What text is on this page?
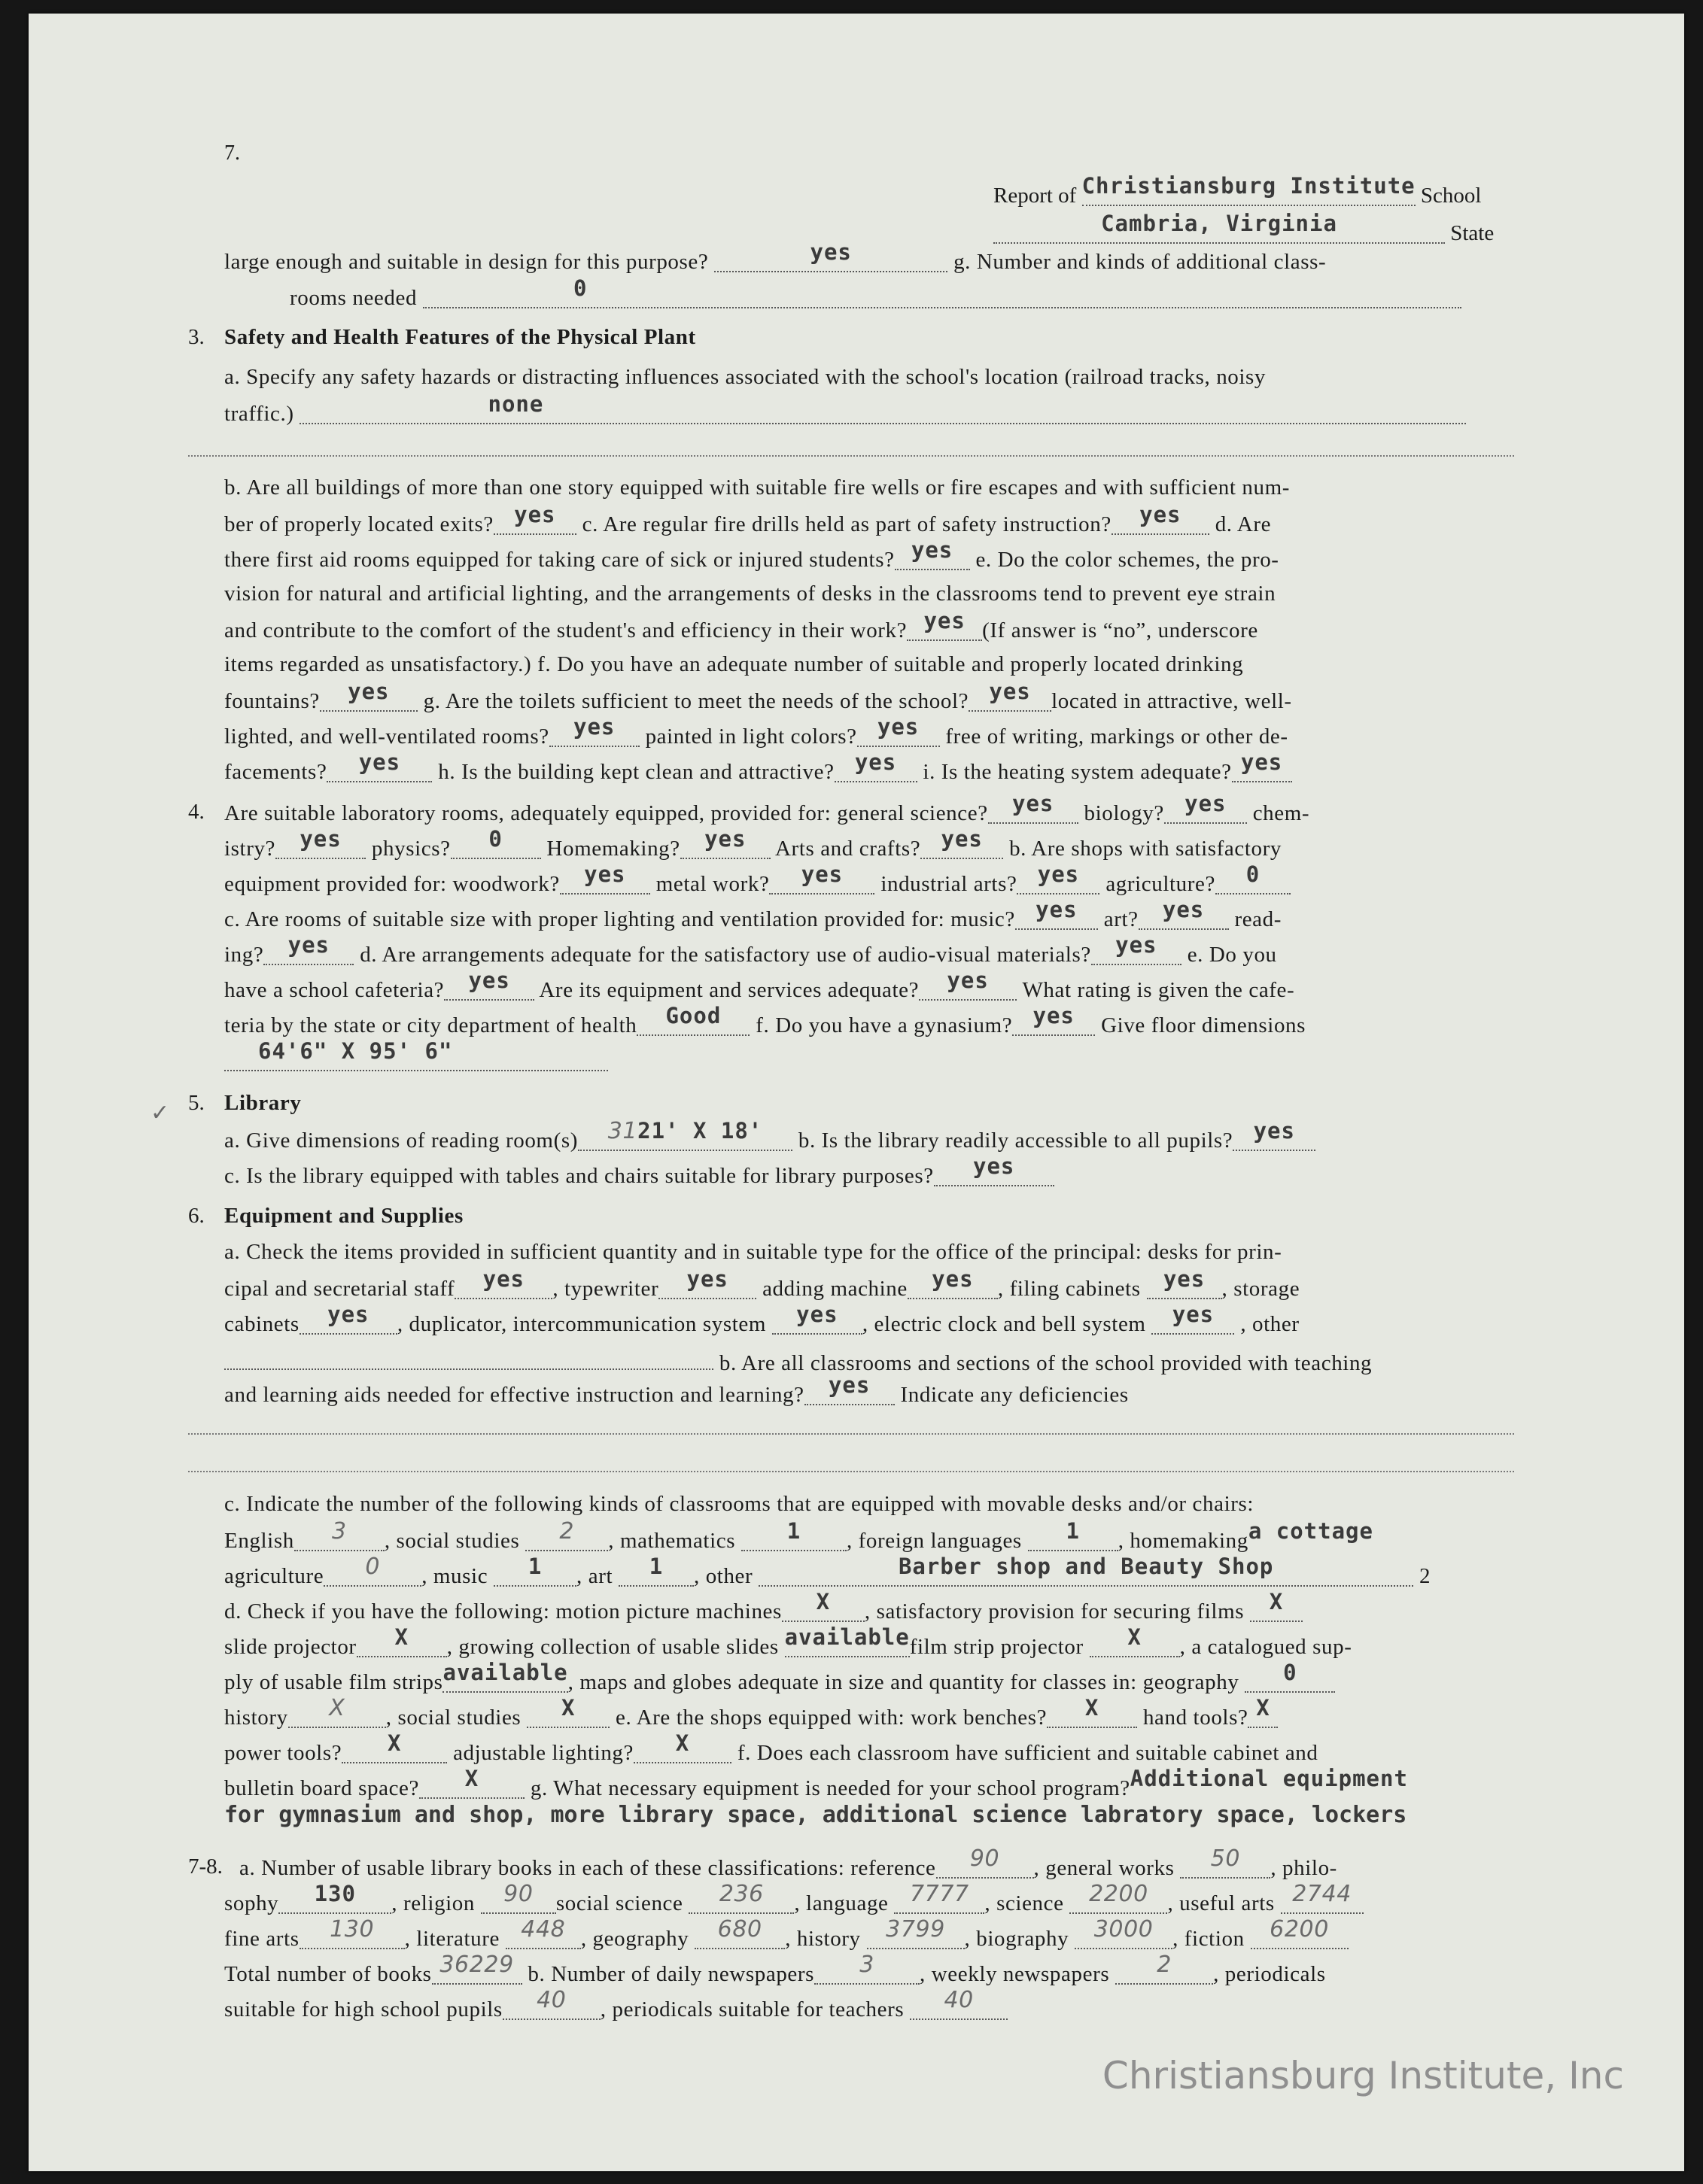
7.
Report of Christiansburg Institute School
Cambria, Virginia	State
large enough and suitable in design for this purpose?	yes	g. Number and kinds of additional class-
rooms needed	0
3. Safety and Health Features of the Physical Plant
a. Specify any safety hazards or distracting influences associated with the school's location (railroad tracks, noisy
traffic.)	none
b. Are all buildings of more than one story equipped with suitable fire wells or fire escapes and with sufficient num-
ber of properly located exits? yes c. Are regular fire drills held as part of safety instruction? yes d. Are
there first aid rooms equipped for taking care of sick or injured students? yes e. Do the color schemes, the pro-
vision for natural and artificial lighting, and the arrangements of desks in the classrooms tend to prevent eye strain
and contribute to the comfort of the student's and efficiency in their work? yes (If answer is “no”, underscore
items regarded as unsatisfactory.) f. Do you have an adequate number of suitable and properly located drinking
fountains? yes g. Are the toilets sufficient to meet the needs of the school? yes located in attractive, well-
lighted, and well-ventilated rooms? yes painted in light colors? yes free of writing, markings or other de-
facements? yes h. Is the building kept clean and attractive? yes i. Is the heating system adequate? yes
4. Are suitable laboratory rooms, adequately equipped, provided for: general science? yes biology? yes chem-
istry? yes physics? 0 Homemaking? yes Arts and crafts? yes b. Are shops with satisfactory
equipment provided for: woodwork? yes metal work? yes industrial arts? yes agriculture? 0
c. Are rooms of suitable size with proper lighting and ventilation provided for: music? yes art? yes read-
ing? yes d. Are arrangements adequate for the satisfactory use of audio-visual materials? yes e. Do you
have a school cafeteria? yes Are its equipment and services adequate? yes What rating is given the cafe-
teria by the state or city department of health Good f. Do you have a gynasium? yes Give floor dimensions
64'6" X 95' 6"
✓ 5. Library
a. Give dimensions of reading room(s) 3121' X 18' b. Is the library readily accessible to all pupils? yes
c. Is the library equipped with tables and chairs suitable for library purposes? yes
6. Equipment and Supplies
a. Check the items provided in sufficient quantity and in suitable type for the office of the principal: desks for prin-
cipal and secretarial staff yes , typewriter yes adding machine yes , filing cabinets yes , storage
cabinets yes , duplicator, intercommunication system yes , electric clock and bell system yes , other
b. Are all classrooms and sections of the school provided with teaching
and learning aids needed for effective instruction and learning? yes Indicate any deficiencies
c. Indicate the number of the following kinds of classrooms that are equipped with movable desks and/or chairs:
English 3 , social studies 2 , mathematics 1 , foreign languages 1 , homemakinga cottage
agriculture 0 , music 1 , art 1 , other	Barber shop and Beauty Shop	2
d. Check if you have the following: motion picture machines X , satisfactory provision for securing films X
slide projector X , growing collection of usable slides availablefilm strip projector X , a catalogued sup-
ply of usable film stripsavailable, maps and globes adequate in size and quantity for classes in: geography 0
history X , social studies X e. Are the shops equipped with: work benches? X hand tools? X
power tools? X adjustable lighting? X f. Does each classroom have sufficient and suitable cabinet and
bulletin board space? X g. What necessary equipment is needed for your school program?Additional equipment
for gymnasium and shop, more library space, additional science labratory space, lockers
7-8. a. Number of usable library books in each of these classifications: reference 90 , general works 50 , philo-
sophy 130 , religion 90 social science 236 , language 7777 , science 2200 , useful arts 2744
fine arts 130 , literature 448 , geography 680 , history 3799 , biography 3000 , fiction 6200
Total number of books 36229 b. Number of daily newspapers 3 , weekly newspapers 2 , periodicals
suitable for high school pupils 40 , periodicals suitable for teachers 40
Christiansburg Institute, Inc
